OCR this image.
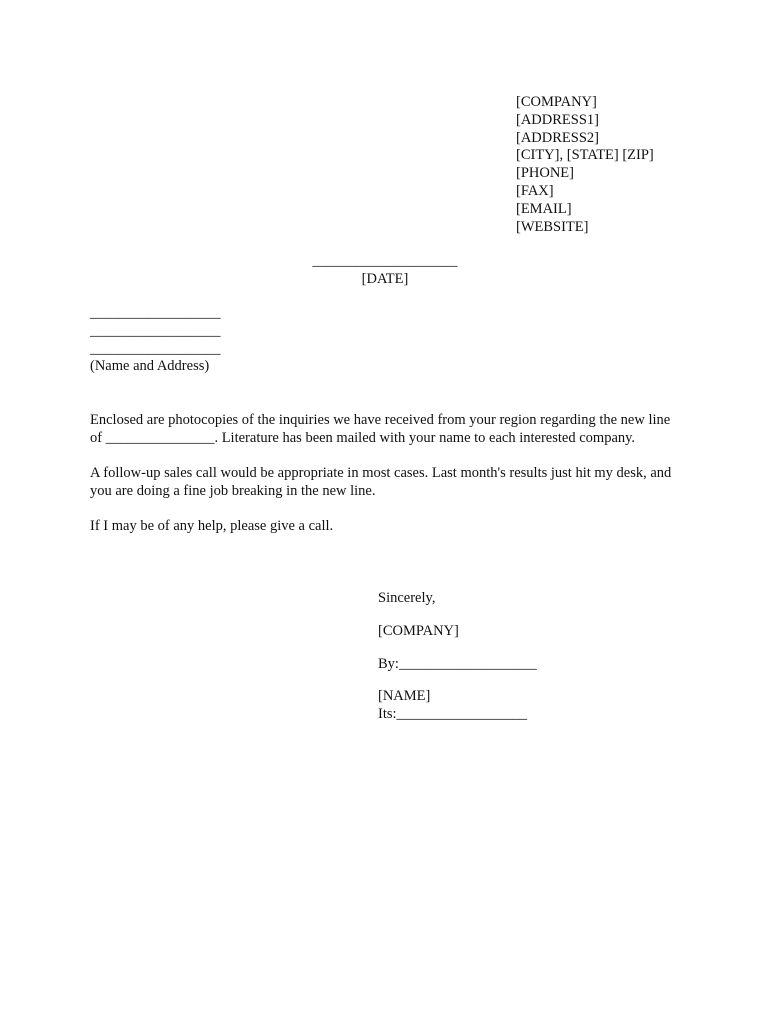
[COMPANY]
[ADDRESS1]
[ADDRESS2]
[CITY], [STATE] [ZIP]
[PHONE]
[FAX]
[EMAIL]
[WEBSITE]
____________________
[DATE]
__________________
__________________
__________________
(Name and Address)

Enclosed are photocopies of the inquiries we have received from your region regarding the new line of _______________. Literature has been mailed with your name to each interested company.

A follow-up sales call would be appropriate in most cases. Last month's results just hit my desk, and you are doing a fine job breaking in the new line.

If I may be of any help, please give a call.

Sincerely,
[COMPANY]
By:___________________
[NAME]
Its:__________________
